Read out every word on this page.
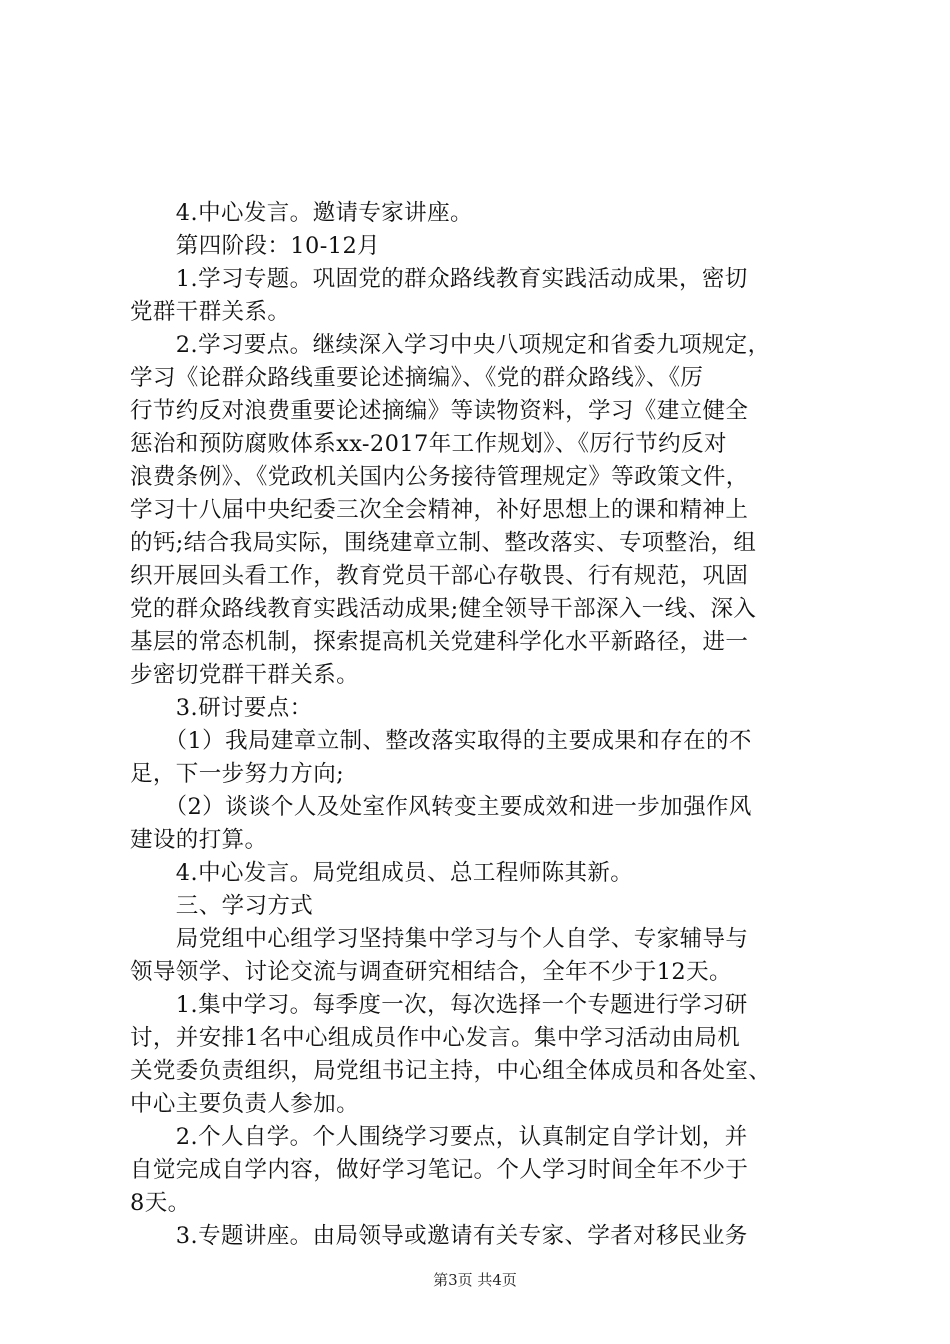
　　4.中心发言。邀请专家讲座。
　　第四阶段：10-12月
　　1.学习专题。巩固党的群众路线教育实践活动成果，密切
党群干群关系。
　　2.学习要点。继续深入学习中央八项规定和省委九项规定，
学习《论群众路线重要论述摘编》、《党的群众路线》、《厉
行节约反对浪费重要论述摘编》等读物资料，学习《建立健全
惩治和预防腐败体系xx-2017年工作规划》、《厉行节约反对
浪费条例》、《党政机关国内公务接待管理规定》等政策文件，
学习十八届中央纪委三次全会精神，补好思想上的课和精神上
的钙;结合我局实际，围绕建章立制、整改落实、专项整治，组
织开展回头看工作，教育党员干部心存敬畏、行有规范，巩固
党的群众路线教育实践活动成果;健全领导干部深入一线、深入
基层的常态机制，探索提高机关党建科学化水平新路径，进一
步密切党群干群关系。
　　3.研讨要点：
　　（1）我局建章立制、整改落实取得的主要成果和存在的不
足，下一步努力方向;
　　（2）谈谈个人及处室作风转变主要成效和进一步加强作风
建设的打算。
　　4.中心发言。局党组成员、总工程师陈其新。
　　三、学习方式
　　局党组中心组学习坚持集中学习与个人自学、专家辅导与
领导领学、讨论交流与调查研究相结合，全年不少于12天。
　　1.集中学习。每季度一次，每次选择一个专题进行学习研
讨，并安排1名中心组成员作中心发言。集中学习活动由局机
关党委负责组织，局党组书记主持，中心组全体成员和各处室、
中心主要负责人参加。
　　2.个人自学。个人围绕学习要点，认真制定自学计划，并
自觉完成自学内容，做好学习笔记。个人学习时间全年不少于
8天。
　　3.专题讲座。由局领导或邀请有关专家、学者对移民业务
第3页 共4页
